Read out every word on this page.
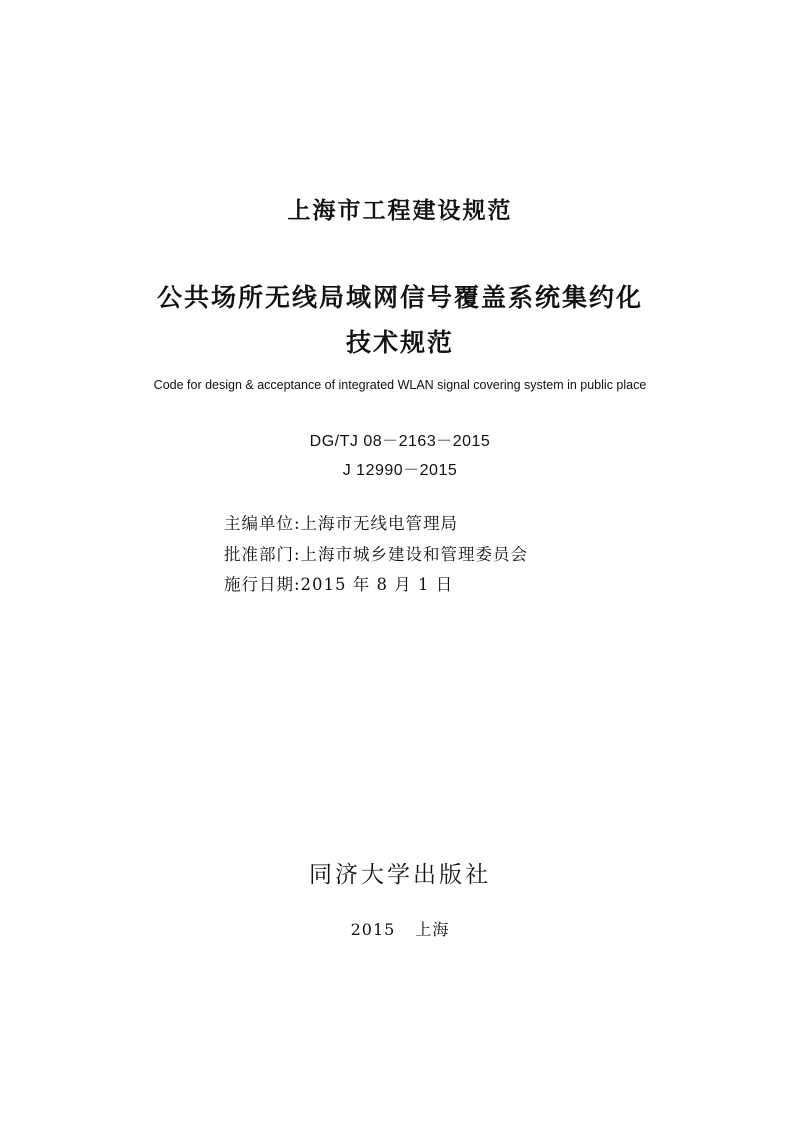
上海市工程建设规范
公共场所无线局域网信号覆盖系统集约化
技术规范
Code for design & acceptance of integrated WLAN signal covering system in public place
DG/TJ 08－2163－2015
J 12990－2015
主编单位:上海市无线电管理局
批准部门:上海市城乡建设和管理委员会
施行日期:2015 年 8 月 1 日
同济大学出版社
2015 上海
